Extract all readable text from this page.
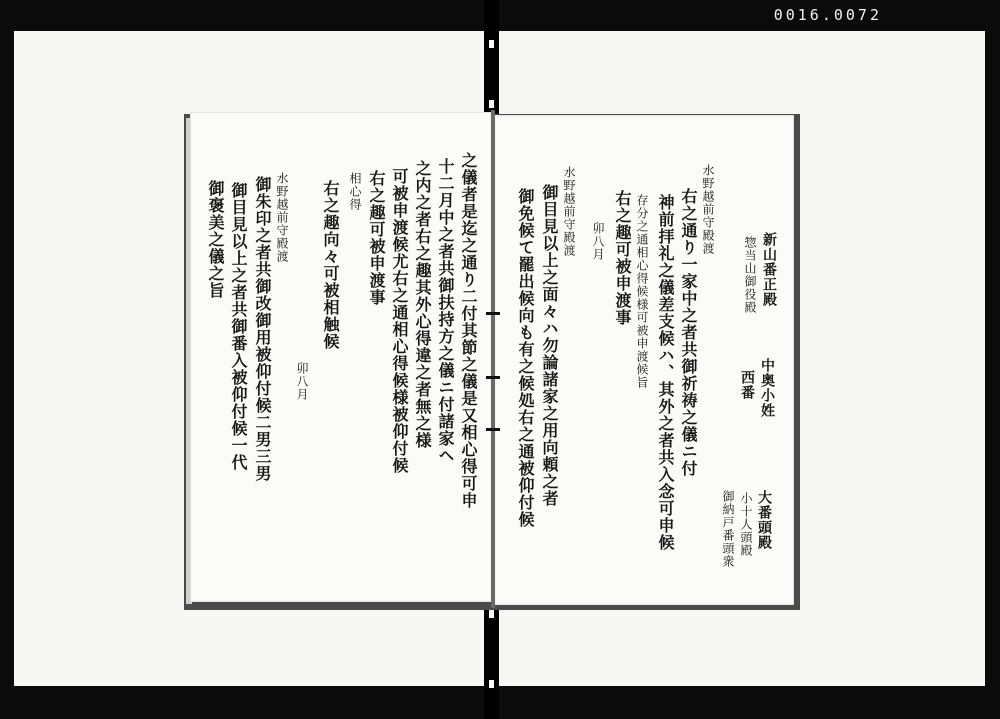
0016.0072
新山番正殿
惣当山御役殿
中奥小姓
西番
大番頭殿
小十人頭殿
御納戸番頭衆
水野越前守殿渡
右之通り一家中之者共御祈祷之儀ニ付
神前拝礼之儀差支候ハ、其外之者共入念可申候
存分之通相心得候様可被申渡候旨
右之趣可被申渡事
卯八月
水野越前守殿渡
御目見以上之面々ハ勿論諸家之用向頼之者
御免候て罷出候向も有之候処右之通被仰付候
之儀者是迄之通り二付其節之儀是又相心得可申
十二月中之者共御扶持方之儀ニ付諸家ヘ
之内之者右之趣其外心得違之者無之様
可被申渡候尤右之通相心得候様被仰付候
右之趣可被申渡事
相心得
右之趣向々可被相触候
卯八月
水野越前守殿渡
御朱印之者共御改御用被仰付候二男三男
御目見以上之者共御番入被仰付候一代
御褒美之儀之旨
